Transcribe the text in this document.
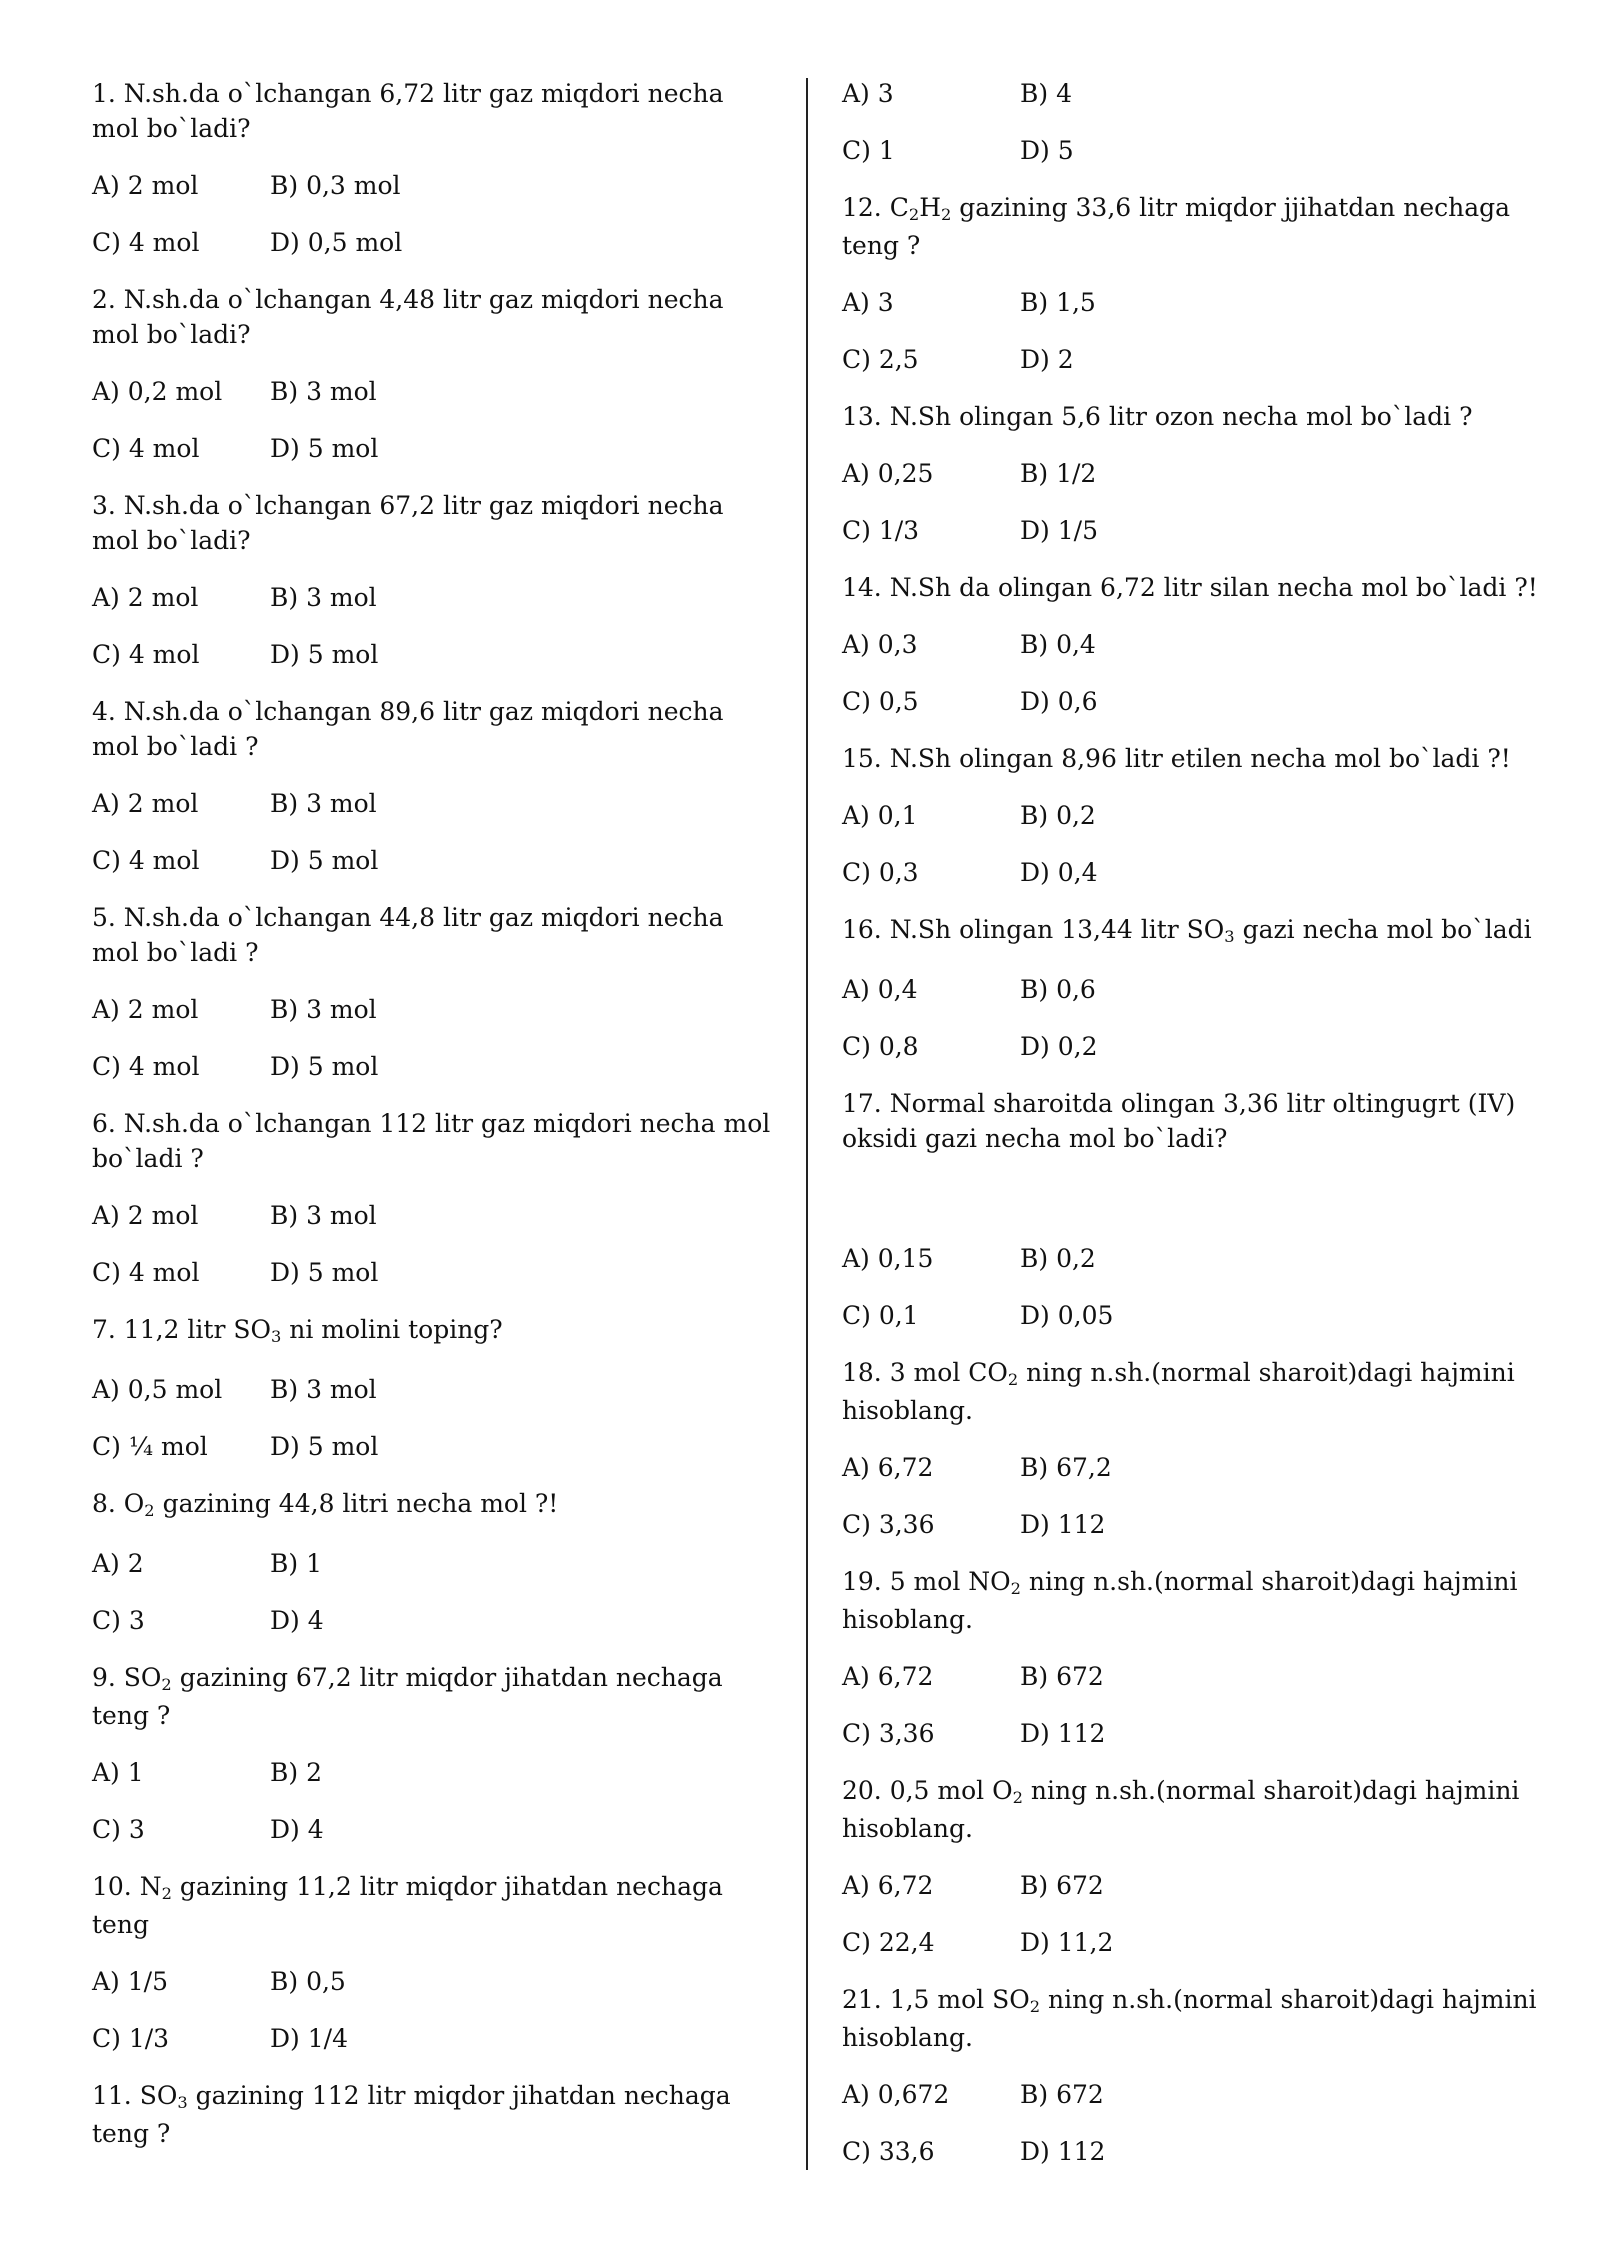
1. N.sh.da o`lchangan 6,72 litr gaz miqdori necha mol bo`ladi?

A) 2 mol	B) 0,3 mol
C) 4 mol	D) 0,5 mol

2. N.sh.da o`lchangan 4,48 litr gaz miqdori necha mol bo`ladi?

A) 0,2 mol	B) 3 mol
C) 4 mol	D) 5 mol

3. N.sh.da o`lchangan 67,2 litr gaz miqdori necha mol bo`ladi?

A) 2 mol	B) 3 mol
C) 4 mol	D) 5 mol

4. N.sh.da o`lchangan 89,6 litr gaz miqdori necha mol bo`ladi ?

A) 2 mol	B) 3 mol
C) 4 mol	D) 5 mol

5. N.sh.da o`lchangan 44,8 litr gaz miqdori necha mol bo`ladi ?

A) 2 mol	B) 3 mol
C) 4 mol	D) 5 mol

6. N.sh.da o`lchangan 112 litr gaz miqdori necha mol bo`ladi ?

A) 2 mol	B) 3 mol
C) 4 mol	D) 5 mol

7. 11,2 litr $SO_3$ ni molini toping?

A) 0,5 mol	B) 3 mol
C) ¼ mol	D) 5 mol

8. $O_2$ gazining 44,8 litri necha mol ?!

A) 2	B) 1
C) 3	D) 4

9. $SO_2$ gazining 67,2 litr miqdor jihatdan nechaga teng ?

A) 1	B) 2
C) 3	D) 4

10. $N_2$ gazining 11,2 litr miqdor jihatdan nechaga teng

A) 1/5	B) 0,5
C) 1/3	D) 1/4

11. $SO_3$ gazining 112 litr miqdor jihatdan nechaga teng ?

A) 3	B) 4
C) 1	D) 5

12. $C_2H_2$ gazining 33,6 litr miqdor jjihatdan nechaga teng ?

A) 3	B) 1,5
C) 2,5	D) 2

13. N.Sh olingan 5,6 litr ozon necha mol bo`ladi ?

A) 0,25	B) 1/2
C) 1/3	D) 1/5

14. N.Sh da olingan 6,72 litr silan necha mol bo`ladi ?!

A) 0,3	B) 0,4
C) 0,5	D) 0,6

15. N.Sh olingan 8,96 litr etilen necha mol bo`ladi ?!

A) 0,1	B) 0,2
C) 0,3	D) 0,4

16. N.Sh olingan 13,44 litr $SO_3$ gazi necha mol bo`ladi

A) 0,4	B) 0,6
C) 0,8	D) 0,2

17. Normal sharoitda olingan 3,36 litr oltingugrt (IV) oksidi gazi necha mol bo`ladi?

A) 0,15	B) 0,2
C) 0,1	D) 0,05

18. 3 mol $CO_2$ ning n.sh.(normal sharoit)dagi hajmini hisoblang.

A) 6,72	B) 67,2
C) 3,36	D) 112

19. 5 mol $NO_2$ ning n.sh.(normal sharoit)dagi hajmini hisoblang.

A) 6,72	B) 672
C) 3,36	D) 112

20. 0,5 mol $O_2$ ning n.sh.(normal sharoit)dagi hajmini hisoblang.

A) 6,72	B) 672
C) 22,4	D) 11,2

21. 1,5 mol $SO_2$ ning n.sh.(normal sharoit)dagi hajmini hisoblang.

A) 0,672	B) 672
C) 33,6	D) 112
